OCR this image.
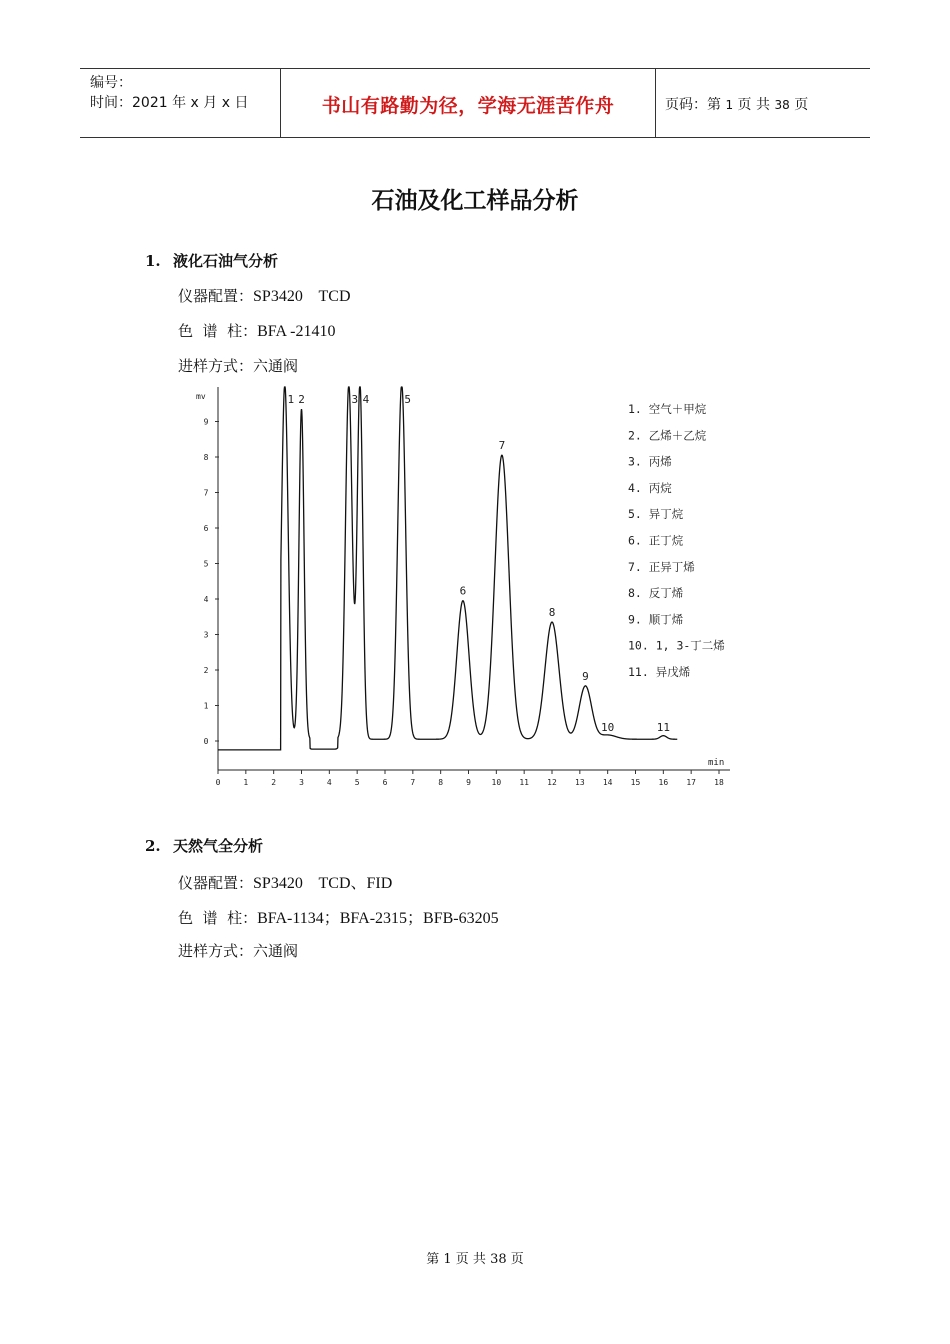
编号：
时间：2021 年 x 月 x 日	书山有路勤为径，学海无涯苦作舟	页码：第 1 页 共 38 页
石油及化工样品分析
1. 液化石油气分析
仪器配置：SP3420    TCD
色  谱  柱：BFA -21410
进样方式：六通阀
0
1
2
3
4
5
6
7
8
9
0	1	2	3	4	5	6	7	8	9	10 11 12 13 14 15 16 17 18
1 2	3 4	5
6
7
8
9
10	11
1. 空气＋甲烷
2. 乙烯＋乙烷
3. 丙烯
4. 丙烷
5. 异丁烷
6. 正丁烷
7. 正异丁烯
8. 反丁烯
9. 顺丁烯
10. 1, 3-丁二烯
11. 异戊烯
mv
min
2. 天然气全分析
仪器配置：SP3420    TCD、FID
色  谱  柱：BFA-1134；BFA-2315；BFB-63205
进样方式：六通阀
第 1 页 共 38 页
